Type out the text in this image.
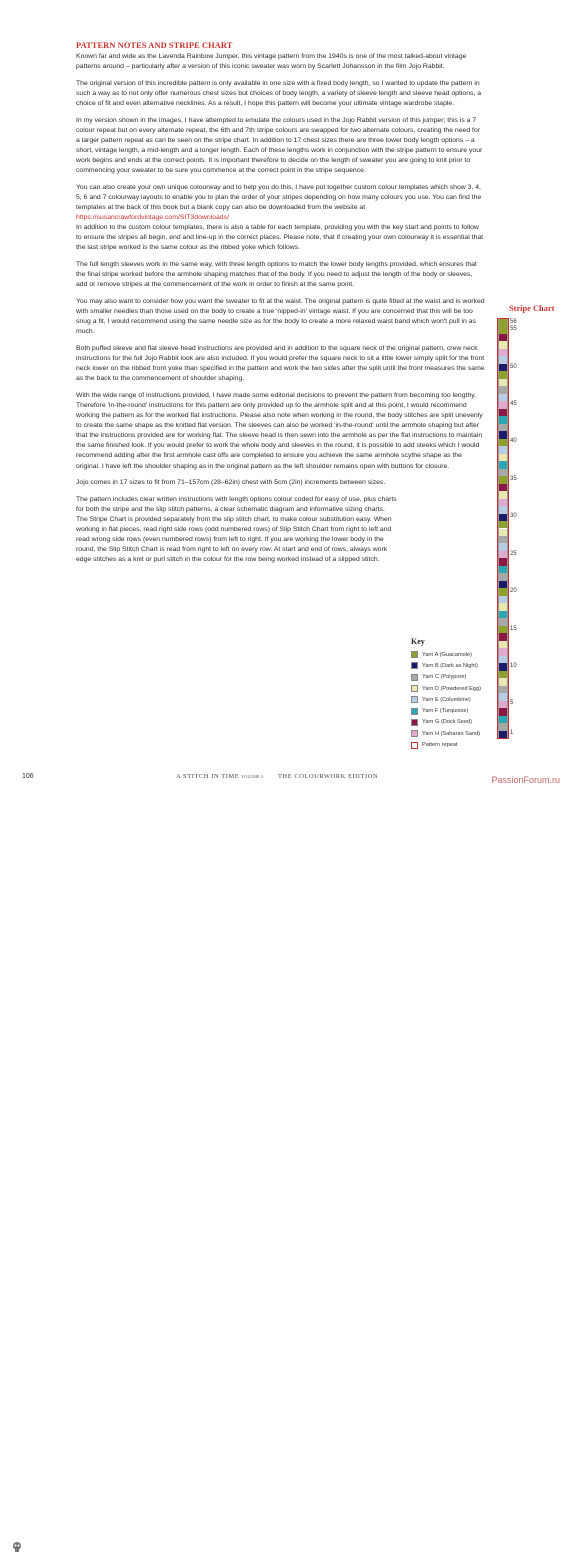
PATTERN NOTES AND STRIPE CHART

Known far and wide as the Lavenda Rainbow Jumper, this vintage pattern from the 1940s is one of the most talked-about vintage patterns around – particularly after a version of this iconic sweater was worn by Scarlett Johansson in the film Jojo Rabbit.

The original version of this incredible pattern is only available in one size with a fixed body length, so I wanted to update the pattern in such a way as to not only offer numerous chest sizes but choices of body length, a variety of sleeve length and sleeve head options, a choice of fit and even alternative necklines. As a result, I hope this pattern will become your ultimate vintage wardrobe staple.

In my version shown in the images, I have attempted to emulate the colours used in the Jojo Rabbit version of this jumper; this is a 7 colour repeat but on every alternate repeat, the 6th and 7th stripe colours are swapped for two alternate colours, creating the need for a larger pattern repeat as can be seen on the stripe chart. In addition to 17 chest sizes there are three lower body length options – a short, vintage length, a mid-length and a longer length. Each of these lengths work in conjunction with the stripe pattern to ensure your work begins and ends at the correct points. It is important therefore to decide on the length of sweater you are going to knit prior to commencing your sweater to be sure you commence at the correct point in the stripe sequence.

You can also create your own unique colourway and to help you do this, I have put together custom colour templates which show 3, 4, 5, 6 and 7 colourway layouts to enable you to plan the order of your stripes depending on how many colours you use. You can find the templates at the back of this book but a blank copy can also be downloaded from the website at https://susancrawfordvintage.com/SIT3downloads/
In addition to the custom colour templates, there is also a table for each template, providing you with the key start and points to follow to ensure the stripes all begin, end and line-up in the correct places. Please note, that if creating your own colourway it is essential that the last stripe worked is the same colour as the ribbed yoke which follows.

The full length sleeves work in the same way, with three length options to match the lower body lengths provided, which ensures that the final stripe worked before the armhole shaping matches that of the body. If you need to adjust the length of the body or sleeves, add or remove stripes at the commencement of the work in order to finish at the same point.

You may also want to consider how you want the sweater to fit at the waist. The original pattern is quite fitted at the waist and is worked with smaller needles than those used on the body to create a true 'nipped-in' vintage waist. If you are concerned that this will be too snug a fit, I would recommend using the same needle size as for the body to create a more relaxed waist band which won't pull in as much.

Both puffed sleeve and flat sleeve head instructions are provided and in addition to the square neck of the original pattern, crew neck instructions for the full Jojo Rabbit look are also included. If you would prefer the square neck to sit a little lower simply split for the front neck lower on the ribbed front yoke than specified in the pattern and work the two sides after the split until the front measures the same as the back to the commencement of shoulder shaping.

With the wide range of instructions provided, I have made some editorial decisions to prevent the pattern from becoming too lengthy. Therefore 'in-the-round' instructions for this pattern are only provided up to the armhole split and at this point, I would recommend working the pattern as for the worked flat instructions. Please also note when working in the round, the body stitches are split unevenly to create the same shape as the knitted flat version. The sleeves can also be worked 'in-the-round' until the armhole shaping but after that the instructions provided are for working flat. The sleeve head is then sewn into the armhole as per the flat instructions to maintain the same finished look. If you would prefer to work the whole body and sleeves in the round, it is possible to add steeks which I would recommend adding after the first armhole cast offs are completed to ensure you achieve the same armhole scythe shape as the original. I have left the shoulder shaping as in the original pattern as the left shoulder remains open with buttons for closure.

Jojo comes in 17 sizes to fit from 71–157cm (28–62in) chest with 5cm (2in) increments between sizes.

The pattern includes clear written instructions with length options colour coded for easy of use, plus charts for both the stripe and the slip stitch patterns, a clear schematic diagram and informative sizing charts. The Stripe Chart is provided separately from the slip stitch chart, to make colour substitution easy. When working in flat pieces, read right side rows (odd numbered rows) of Slip Stitch Chart from right to left and read wrong side rows (even numbered rows) from left to right. If you are working the lower body in the round, the Slip Stitch Chart is read from right to left on every row. At start and end of rows, always work edge stitches as a knit or purl stitch in the colour for the row being worked instead of a slipped stitch.

Stripe Chart
1
5
10
15
20
25
30
35
40
45
50
55
56
Key
Yarn A (Guacamole)
Yarn B (Dark as Night)
Yarn C (Polypore)
Yarn D (Powdered Egg)
Yarn E (Columbine)
Yarn F (Turquoise)
Yarn G (Dock Seed)
Yarn H (Saharan Sand)
Pattern repeat
106	A STITCH IN TIME VOLUME 3	THE COLOURWORK EDITION	PassionForum.ru
